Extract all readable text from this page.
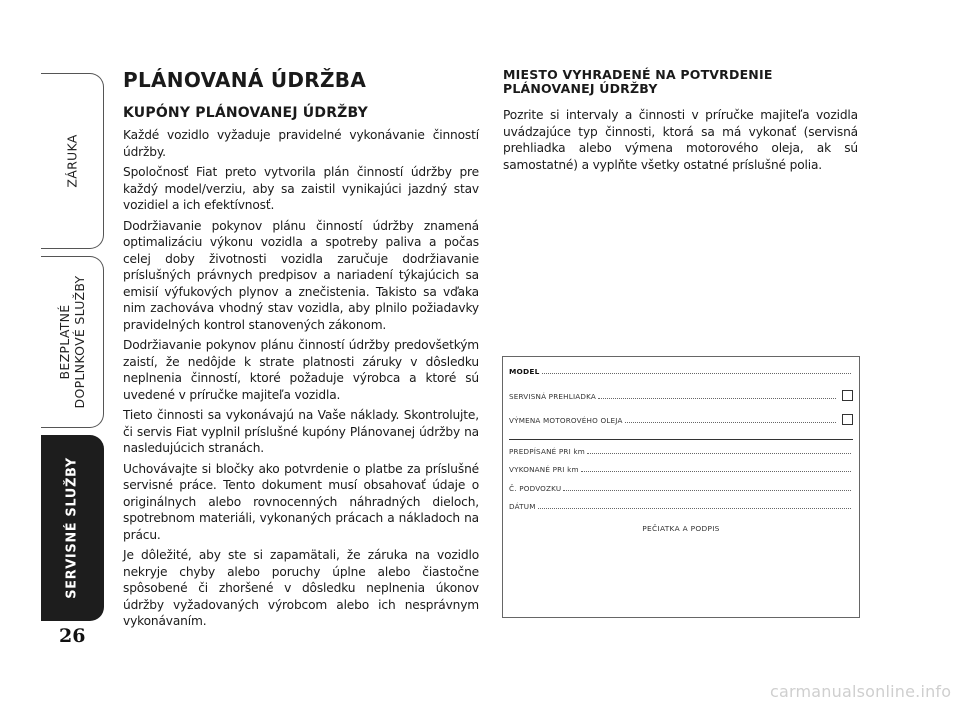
ZÁRUKA
BEZPLATNÉ
DOPLNKOVÉ SLUŽBY
SERVISNÉ SLUŽBY
26
PLÁNOVANÁ ÚDRŽBA
KUPÓNY PLÁNOVANEJ ÚDRŽBY

Každé vozidlo vyžaduje pravidelné vykonávanie činností údržby.

Spoločnosť Fiat preto vytvorila plán činností údržby pre každý model/verziu, aby sa zaistil vynikajúci jazdný stav vozidiel a ich efektívnosť.

Dodržiavanie pokynov plánu činností údržby znamená optimalizáciu výkonu vozidla a spotreby paliva a počas celej doby životnosti vozidla zaručuje dodržiavanie príslušných právnych predpisov a nariadení týkajúcich sa emisií výfukových plynov a znečistenia. Takisto sa vďaka nim zachováva vhodný stav vozidla, aby plnilo požiadavky pravidelných kontrol stanovených zákonom.

Dodržiavanie pokynov plánu činností údržby predovšetkým zaistí, že nedôjde k strate platnosti záruky v dôsledku neplnenia činností, ktoré požaduje výrobca a ktoré sú uvedené v príručke majiteľa vozidla.

Tieto činnosti sa vykonávajú na Vaše náklady. Skontrolujte, či servis Fiat vyplnil príslušné kupóny Plánovanej údržby na nasledujúcich stranách.

Uchovávajte si bločky ako potvrdenie o platbe za príslušné servisné práce. Tento dokument musí obsahovať údaje o originálnych alebo rovnocenných náhradných dieloch, spotrebnom materiáli, vykonaných prácach a nákladoch na prácu.

Je dôležité, aby ste si zapamätali, že záruka na vozidlo nekryje chyby alebo poruchy úplne alebo čiastočne spôsobené či zhoršené v dôsledku neplnenia úkonov údržby vyžadovaných výrobcom alebo ich nesprávnym vykonávaním.

MIESTO VYHRADENÉ NA POTVRDENIE PLÁNOVANEJ ÚDRŽBY

Pozrite si intervaly a činnosti v príručke majiteľa vozidla uvádzajúce typ činnosti, ktorá sa má vykonať (servisná prehliadka alebo výmena motorového oleja, ak sú samostatné) a vyplňte všetky ostatné príslušné polia.

MODEL
SERVISNÁ PREHLIADKA
VÝMENA MOTOROVÉHO OLEJA
PREDPÍSANÉ PRI km
VYKONANÉ PRI km
Č. PODVOZKU
DÁTUM
PEČIATKA A PODPIS
carmanualsonline.info
